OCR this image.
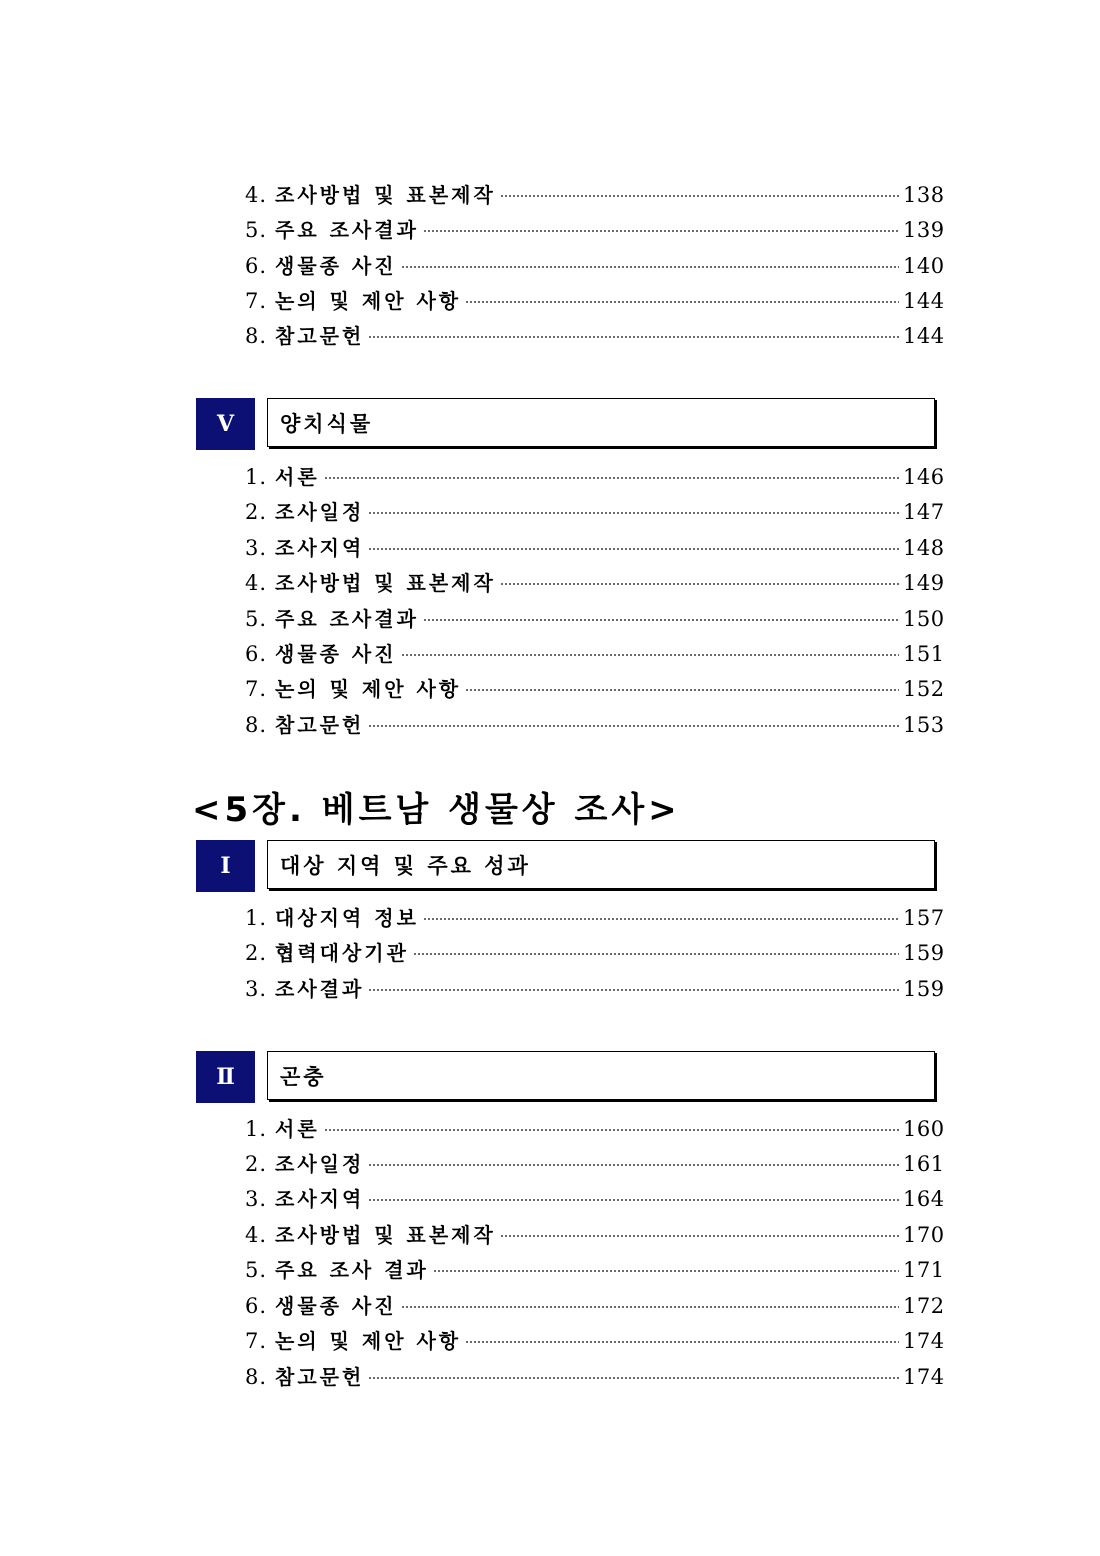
4. 조사방법 및 표본제작	138
5. 주요 조사결과	139
6. 생물종 사진	140
7. 논의 및 제안 사항	144
8. 참고문헌	144
Ⅴ	양치식물
1. 서론	146
2. 조사일정	147
3. 조사지역	148
4. 조사방법 및 표본제작	149
5. 주요 조사결과	150
6. 생물종 사진	151
7. 논의 및 제안 사항	152
8. 참고문헌	153
<5장. 베트남 생물상 조사>
Ⅰ	대상 지역 및 주요 성과
1. 대상지역 정보	157
2. 협력대상기관	159
3. 조사결과	159
Ⅱ	곤충
1. 서론	160
2. 조사일정	161
3. 조사지역	164
4. 조사방법 및 표본제작	170
5. 주요 조사 결과	171
6. 생물종 사진	172
7. 논의 및 제안 사항	174
8. 참고문헌	174
